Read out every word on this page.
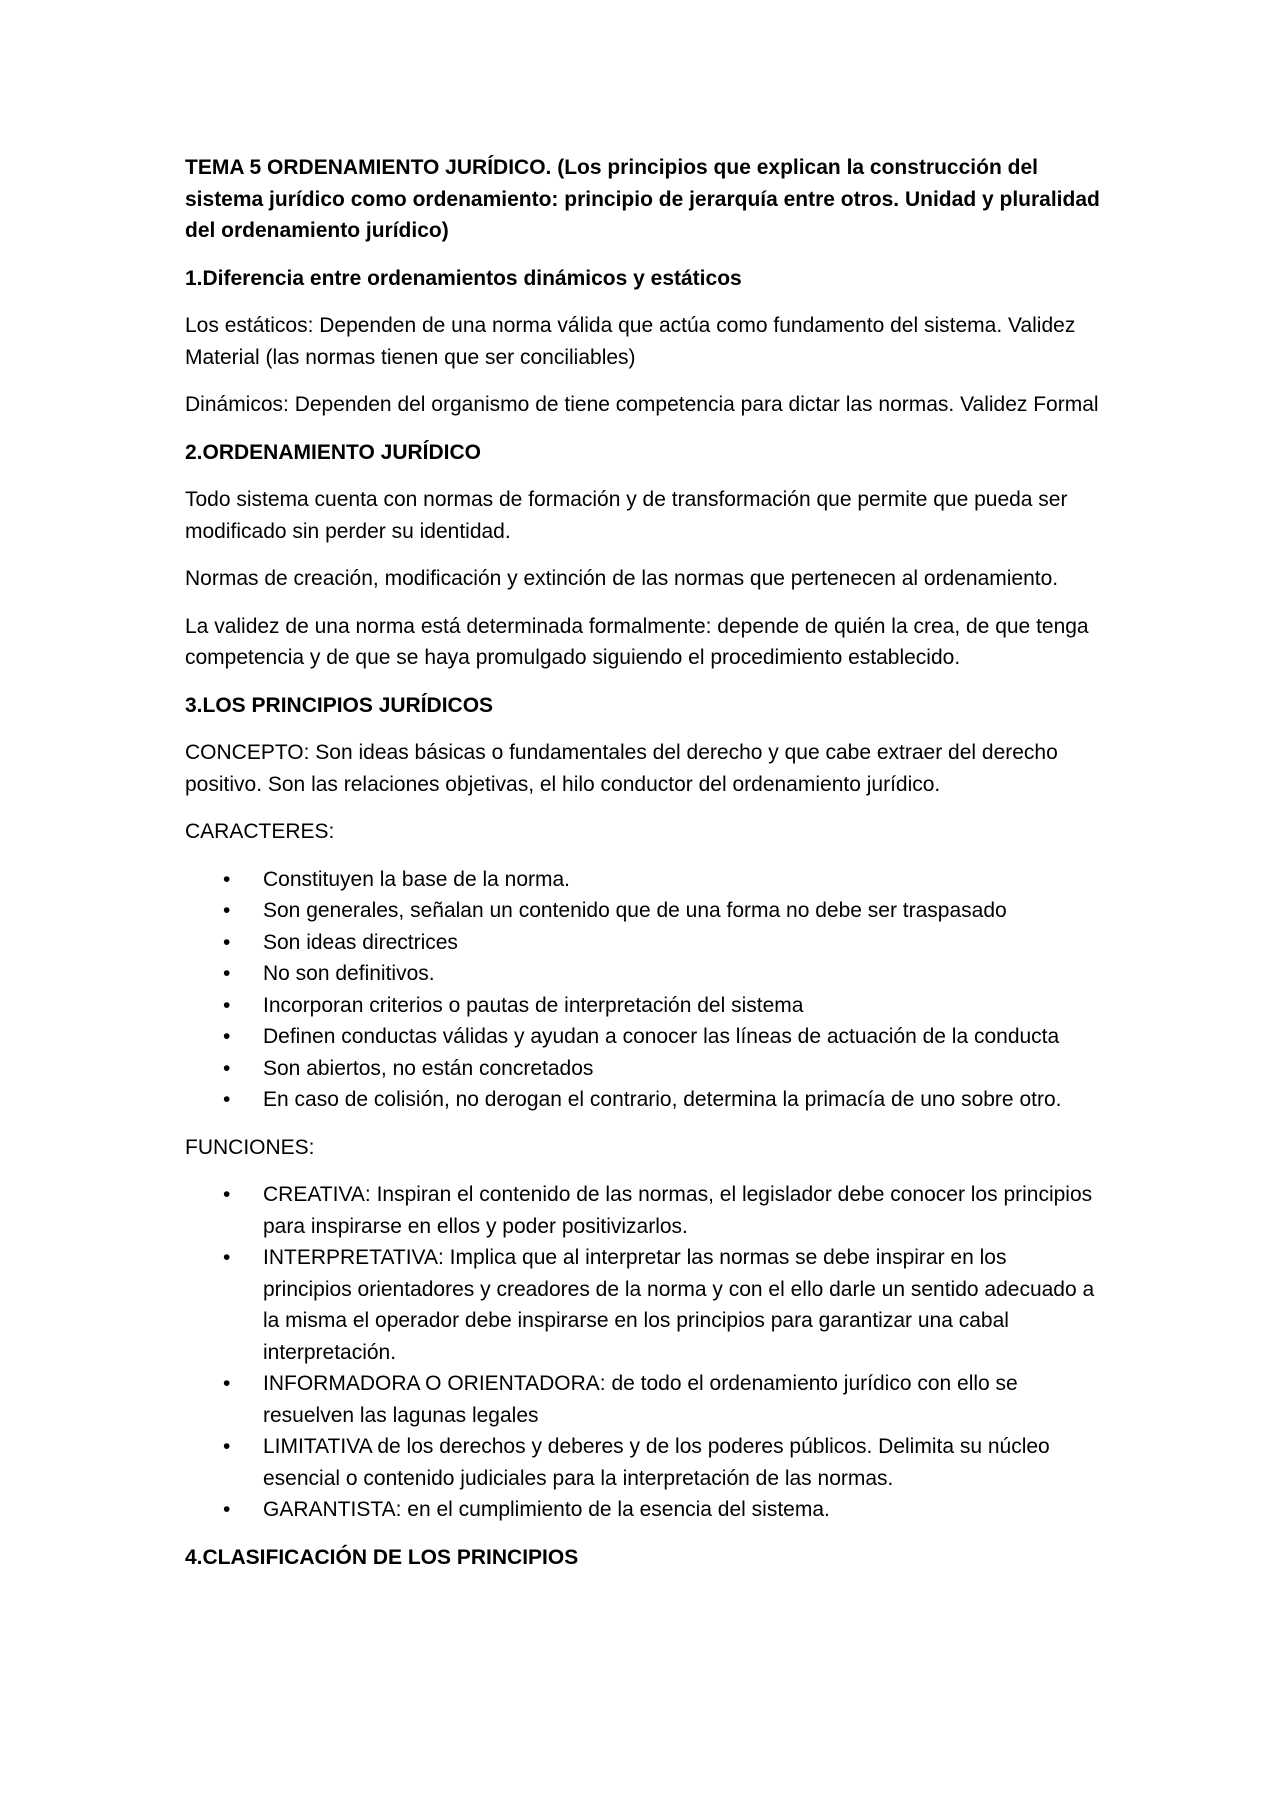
TEMA 5 ORDENAMIENTO JURÍDICO. (Los principios que explican la construcción del sistema jurídico como ordenamiento: principio de jerarquía entre otros. Unidad y pluralidad del ordenamiento jurídico)

1.Diferencia entre ordenamientos dinámicos y estáticos

Los estáticos: Dependen de una norma válida que actúa como fundamento del sistema. Validez Material (las normas tienen que ser conciliables)

Dinámicos: Dependen del organismo de tiene competencia para dictar las normas. Validez Formal

2.ORDENAMIENTO JURÍDICO

Todo sistema cuenta con normas de formación y de transformación que permite que pueda ser modificado sin perder su identidad.

Normas de creación, modificación y extinción de las normas que pertenecen al ordenamiento.

La validez de una norma está determinada formalmente: depende de quién la crea, de que tenga competencia y de que se haya promulgado siguiendo el procedimiento establecido.

3.LOS PRINCIPIOS JURÍDICOS

CONCEPTO: Son ideas básicas o fundamentales del derecho y que cabe extraer del derecho positivo. Son las relaciones objetivas, el hilo conductor del ordenamiento jurídico.

CARACTERES:

• Constituyen la base de la norma.
• Son generales, señalan un contenido que de una forma no debe ser traspasado
• Son ideas directrices
• No son definitivos.
• Incorporan criterios o pautas de interpretación del sistema
• Definen conductas válidas y ayudan a conocer las líneas de actuación de la conducta
• Son abiertos, no están concretados
• En caso de colisión, no derogan el contrario, determina la primacía de uno sobre otro.

FUNCIONES:

• CREATIVA: Inspiran el contenido de las normas, el legislador debe conocer los principios para inspirarse en ellos y poder positivizarlos.
• INTERPRETATIVA: Implica que al interpretar las normas se debe inspirar en los principios orientadores y creadores de la norma y con el ello darle un sentido adecuado a la misma el operador debe inspirarse en los principios para garantizar una cabal interpretación.
• INFORMADORA O ORIENTADORA: de todo el ordenamiento jurídico con ello se resuelven las lagunas legales
• LIMITATIVA de los derechos y deberes y de los poderes públicos. Delimita su núcleo esencial o contenido judiciales para la interpretación de las normas.
• GARANTISTA: en el cumplimiento de la esencia del sistema.

4.CLASIFICACIÓN DE LOS PRINCIPIOS
